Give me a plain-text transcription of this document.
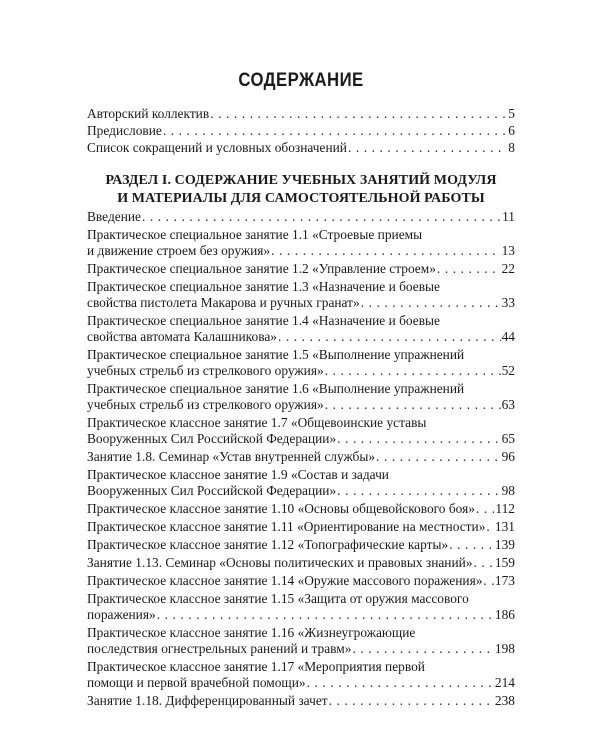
СОДЕРЖАНИЕ
Авторский коллектив . . .	5
Предисловие . . .	6
Список сокращений и условных обозначений . . .	8
РАЗДЕЛ I. СОДЕРЖАНИЕ УЧЕБНЫХ ЗАНЯТИЙ МОДУЛЯ
И МАТЕРИАЛЫ ДЛЯ САМОСТОЯТЕЛЬНОЙ РАБОТЫ
Введение . . .	11
Практическое специальное занятие 1.1 «Строевые приемы
и движение строем без оружия» . . .	13
Практическое специальное занятие 1.2 «Управление строем» . . .	22
Практическое специальное занятие 1.3 «Назначение и боевые
свойства пистолета Макарова и ручных гранат» . . .	33
Практическое специальное занятие 1.4 «Назначение и боевые
свойства автомата Калашникова» . . .	44
Практическое специальное занятие 1.5 «Выполнение упражнений
учебных стрельб из стрелкового оружия» . . .	52
Практическое специальное занятие 1.6 «Выполнение упражнений
учебных стрельб из стрелкового оружия» . . .	63
Практическое классное занятие 1.7 «Общевоинские уставы
Вооруженных Сил Российской Федерации» . . .	65
Занятие 1.8. Семинар «Устав внутренней службы» . . .	96
Практическое классное занятие 1.9 «Состав и задачи
Вооруженных Сил Российской Федерации» . . .	98
Практическое классное занятие 1.10 «Основы общевойскового боя» . . . 112
Практическое классное занятие 1.11 «Ориентирование на местности» . . . 131
Практическое классное занятие 1.12 «Топографические карты» . . .	139
Занятие 1.13. Семинар «Основы политических и правовых знаний» . . . 159
Практическое классное занятие 1.14 «Оружие массового поражения» . . . 173
Практическое классное занятие 1.15 «Защита от оружия массового
поражения» . . .	186
Практическое классное занятие 1.16 «Жизнеугрожающие
последствия огнестрельных ранений и травм» . . .	198
Практическое классное занятие 1.17 «Мероприятия первой
помощи и первой врачебной помощи» . . .	214
Занятие 1.18. Дифференцированный зачет . . .	238
